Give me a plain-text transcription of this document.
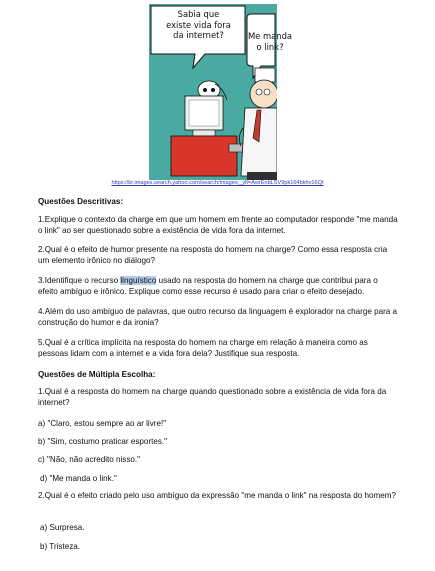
Sabia que
existe vida fora
da internet?	Me manda
o link?
https://br.images.search.yahoo.com/search/images;_ylt=AwrEnbLSV9pk164bkhv16Qt
Questões Descritivas:
1.Explique o contexto da charge em que um homem em frente ao computador responde "me manda o link" ao ser questionado sobre a existência de vida fora da internet.
2.Qual é o efeito de humor presente na resposta do homem na charge? Como essa resposta cria um elemento irônico no diálogo?
3.Identifique o recurso linguístico usado na resposta do homem na charge que contribui para o efeito ambíguo e irônico. Explique como esse recurso é usado para criar o efeito desejado.
4.Além do uso ambíguo de palavras, que outro recurso da linguagem é explorador na charge para a construção do humor e da ironia?
5.Qual é a crítica implícita na resposta do homem na charge em relação à maneira como as pessoas lidam com a internet e a vida fora dela? Justifique sua resposta.
Questões de Múltipla Escolha:
1.Qual é a resposta do homem na charge quando questionado sobre a existência de vida fora da internet?
a) "Claro, estou sempre ao ar livre!"
b) "Sim, costumo praticar esportes."
c) "Não, não acredito nisso."
d) "Me manda o link."
2.Qual é o efeito criado pelo uso ambíguo da expressão "me manda o link" na resposta do homem?
a) Surpresa.
b) Tristeza.
